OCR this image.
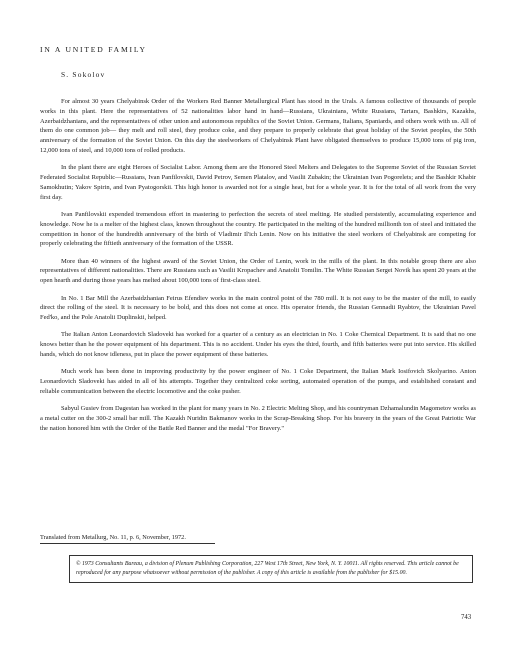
IN A UNITED FAMILY
S. Sokolov

For almost 30 years Chelyabinsk Order of the Workers Red Banner Metallurgical Plant has stood in the Urals. A famous collective of thousands of people works in this plant. Here the representatives of 52 nationalities labor hand in hand—Russians, Ukrainians, White Russians, Tartars, Bashkirs, Kazakhs, Azerbaidzhanians, and the representatives of other union and autonomous republics of the Soviet Union. Germans, Italians, Spaniards, and others work with us. All of them do one common job— they melt and roll steel, they produce coke, and they prepare to properly celebrate that great holiday of the Soviet peoples, the 50th anniversary of the formation of the Soviet Union. On this day the steelworkers of Chelyabinsk Plant have obligated themselves to produce 15,000 tons of pig iron, 12,000 tons of steel, and 10,000 tons of rolled products.

In the plant there are eight Heroes of Socialist Labor. Among them are the Honored Steel Melters and Delegates to the Supreme Soviet of the Russian Soviet Federated Socialist Republic—Russians, Ivan Panfilovskii, David Petrov, Semen Platalov, and Vasilii Zubakin; the Ukrainian Ivan Pogorelets; and the Bashkir Khabir Samokhutin; Yakov Spirin, and Ivan Pyatogorskii. This high honor is awarded not for a single heat, but for a whole year. It is for the total of all work from the very first day.

Ivan Panfilovskii expended tremendous effort in mastering to perfection the secrets of steel melting. He studied persistently, accumulating experience and knowledge. Now he is a melter of the highest class, known throughout the country. He participated in the melting of the hundred millionth ton of steel and initiated the competition in honor of the hundredth anniversary of the birth of Vladimir Il'ich Lenin. Now on his initiative the steel workers of Chelyabinsk are competing for properly celebrating the fiftieth anniversary of the formation of the USSR.

More than 40 winners of the highest award of the Soviet Union, the Order of Lenin, work in the mills of the plant. In this notable group there are also representatives of different nationalities. There are Russians such as Vasilii Kropachev and Anatolii Tomilin. The White Russian Sergei Novik has spent 20 years at the open hearth and during those years has melted about 100,000 tons of first-class steel.

In No. 1 Bar Mill the Azerbaidzhanian Feirus Efendiev works in the main control point of the 780 mill. It is not easy to be the master of the mill, to easily direct the rolling of the steel. It is necessary to be bold, and this does not come at once. His operator friends, the Russian Gennadii Ryabtov, the Ukrainian Pavel Fed'ko, and the Pole Anatolii Duplinskii, helped.

The Italian Anton Leonardovich Sladoveki has worked for a quarter of a century as an electrician in No. 1 Coke Chemical Department. It is said that no one knows better than he the power equipment of his department. This is no accident. Under his eyes the third, fourth, and fifth batteries were put into service. His skilled hands, which do not know idleness, put in place the power equipment of these batteries.

Much work has been done in improving productivity by the power engineer of No. 1 Coke Department, the Italian Mark Iosifovich Skolyarino. Anton Leonardovich Sladoveki has aided in all of his attempts. Together they centralized coke sorting, automated operation of the pumps, and established constant and reliable communication between the electric locomotive and the coke pusher.

Sabyul Gusiev from Dagestan has worked in the plant for many years in No. 2 Electric Melting Shop, and his countryman Dzhamalundin Magometov works as a metal cutter on the 300-2 small bar mill. The Kazakh Nuridin Bakmanov works in the Scrap-Breaking Shop. For his bravery in the years of the Great Patriotic War the nation honored him with the Order of the Battle Red Banner and the medal "For Bravery."

Translated from Metallurg, No. 11, p. 6, November, 1972.
© 1973 Consultants Bureau, a division of Plenum Publishing Corporation, 227 West 17th Street, New York, N. Y. 10011. All rights reserved. This article cannot be reproduced for any purpose whatsoever without permission of the publisher. A copy of this article is available from the publisher for $15.00.
743
